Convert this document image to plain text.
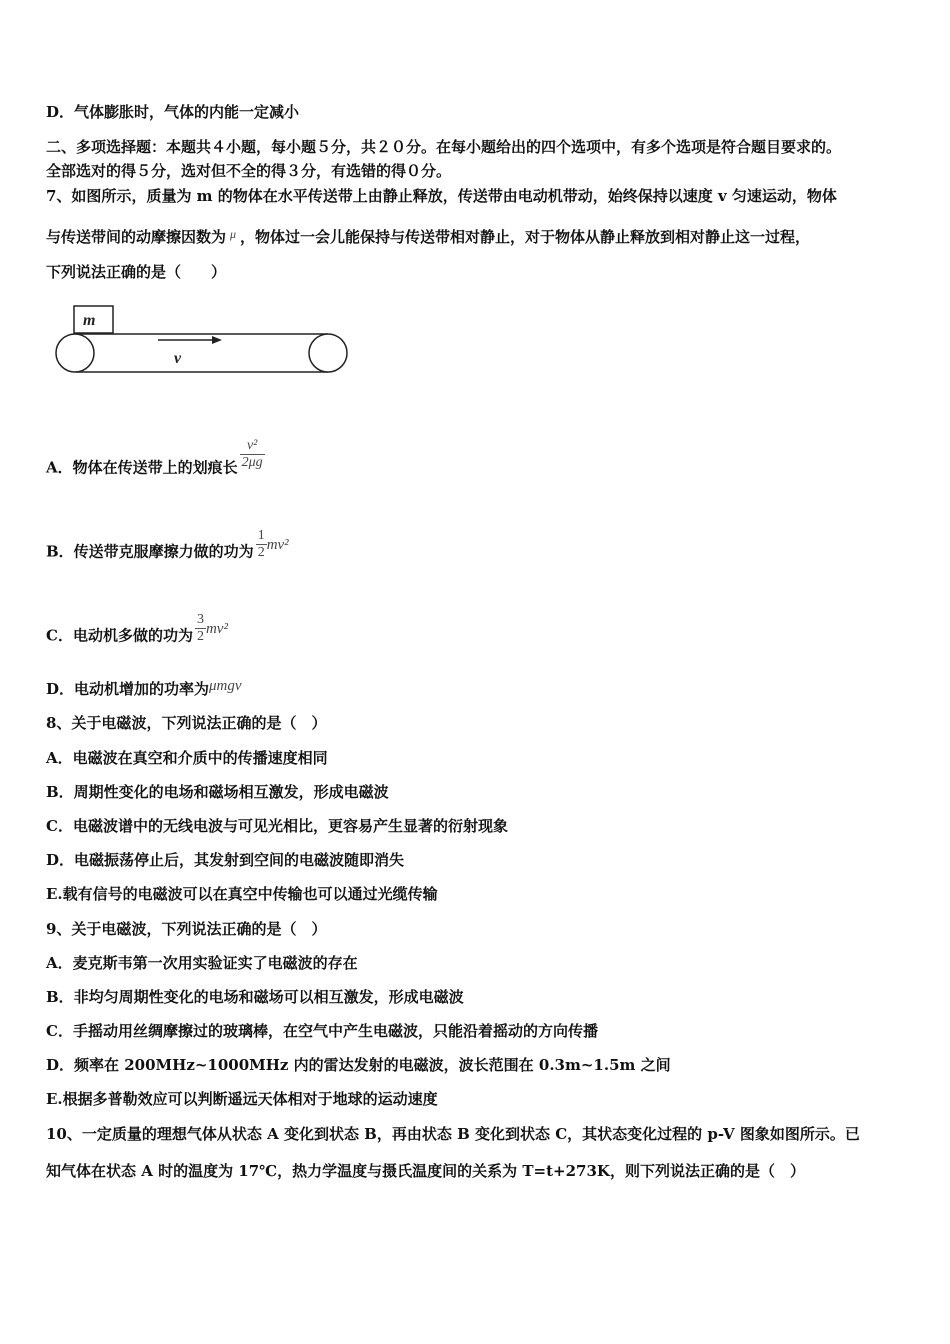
D．气体膨胀时，气体的内能一定减小
二、多项选择题：本题共４小题，每小题５分，共２０分。在每小题给出的四个选项中，有多个选项是符合题目要求的。
全部选对的得５分，选对但不全的得３分，有选错的得０分。
7、如图所示，质量为 m 的物体在水平传送带上由静止释放，传送带由电动机带动，始终保持以速度 v 匀速运动，物体
与传送带间的动摩擦因数为 $^\mu$ ，物体过一会儿能保持与传送带相对静止，对于物体从静止释放到相对静止这一过程，
下列说法正确的是（　　）
m
v
A．物体在传送带上的划痕长 $\frac{\text{v²}}{2\mu g}$
B．传送带克服摩擦力做的功为 $\frac{1}{2} mv^2$
C．电动机多做的功为 $\frac{3}{2} mv^2$
D．电动机增加的功率为μmgv
8、关于电磁波，下列说法正确的是（　）
A．电磁波在真空和介质中的传播速度相同
B．周期性变化的电场和磁场相互激发，形成电磁波
C．电磁波谱中的无线电波与可见光相比，更容易产生显著的衍射现象
D．电磁振荡停止后，其发射到空间的电磁波随即消失
E.载有信号的电磁波可以在真空中传输也可以通过光缆传输
9、关于电磁波，下列说法正确的是（　）
A．麦克斯韦第一次用实验证实了电磁波的存在
B．非均匀周期性变化的电场和磁场可以相互激发，形成电磁波
C．手摇动用丝绸摩擦过的玻璃棒，在空气中产生电磁波，只能沿着摇动的方向传播
D．频率在 200MHz~1000MHz 内的雷达发射的电磁波，波长范围在 0.3m~1.5m 之间
E.根据多普勒效应可以判断遥远天体相对于地球的运动速度
10、一定质量的理想气体从状态 A 变化到状态 B，再由状态 B 变化到状态 C，其状态变化过程的 p-V 图象如图所示。已
知气体在状态 A 时的温度为 17℃，热力学温度与摄氏温度间的关系为 T=t+273K，则下列说法正确的是（　）
